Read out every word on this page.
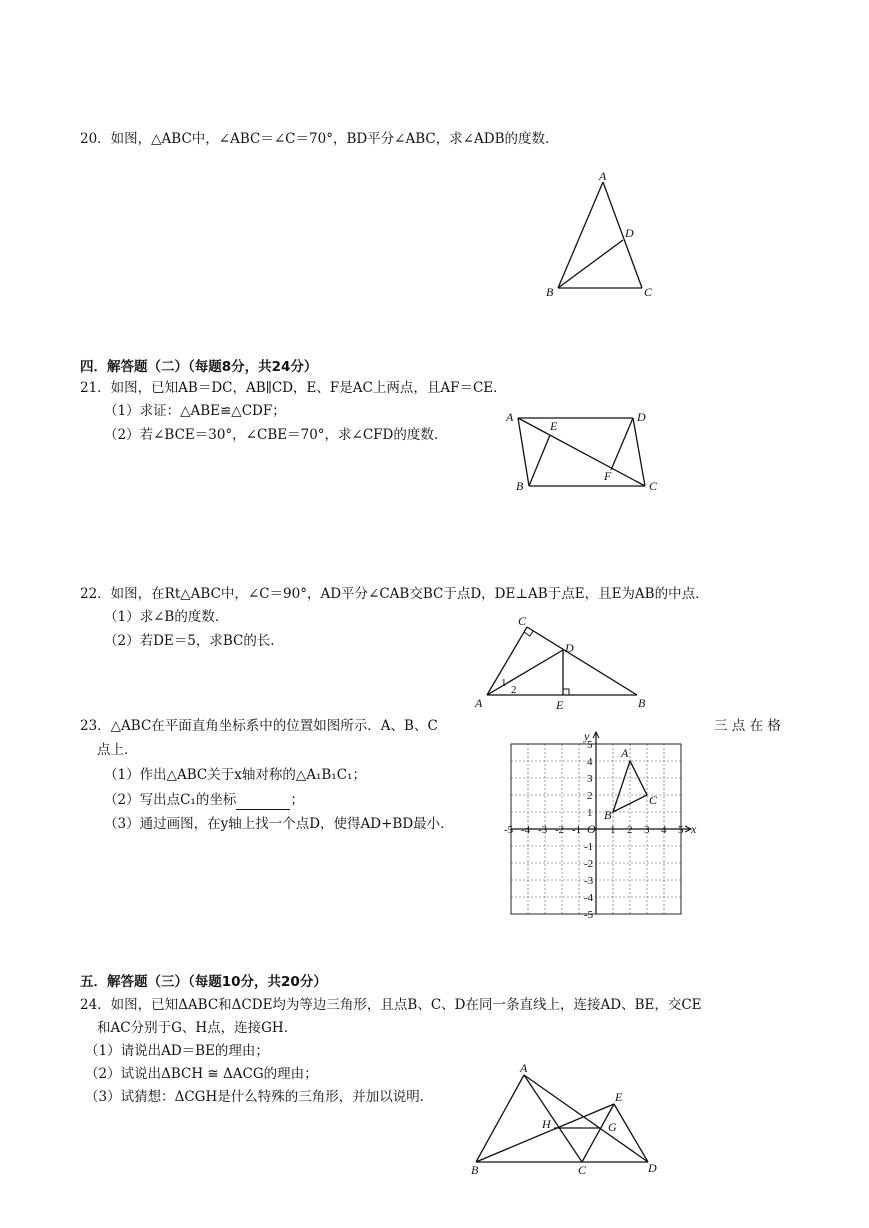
20．如图，△ABC中，∠ABC＝∠C＝70°，BD平分∠ABC，求∠ADB的度数．
A
D
B	C
四．解答题（二）（每题8分，共24分）
21．如图，已知AB＝DC，AB∥CD，E、F是AC上两点，且AF＝CE．
（1）求证：△ABE≌△CDF；
（2）若∠BCE＝30°，∠CBE＝70°，求∠CFD的度数．
A	D
E
F
B	C
22．如图，在Rt△ABC中，∠C＝90°，AD平分∠CAB交BC于点D，DE⊥AB于点E，且E为AB的中点．
（1）求∠B的度数．
（2）若DE＝5，求BC的长．
C
D
A	E	B
1
2
23．△ABC在平面直角坐标系中的位置如图所示．A、B、C	三 点 在 格
点上．
（1）作出△ABC关于x轴对称的△A₁B₁C₁；
（2）写出点C₁的坐标	；
（3）通过画图，在y轴上找一个点D，使得AD+BD最小．	x
y
O
-5 -4 -3 -2 -1	1 2 3 4 5
5
4
3
2
1
-1
-2
-3
-4
-5
A
B
C
五．解答题（三）（每题10分，共20分）
24．如图，已知ΔABC和ΔCDE均为等边三角形，且点B、C、D在同一条直线上，连接AD、BE，交CE
和AC分别于G、H点，连接GH．
（1）请说出AD＝BE的理由；
（2）试说出ΔBCH ≅ ΔACG的理由；
（3）试猜想：ΔCGH是什么特殊的三角形，并加以说明．
A
E
H	G
B	C	D
